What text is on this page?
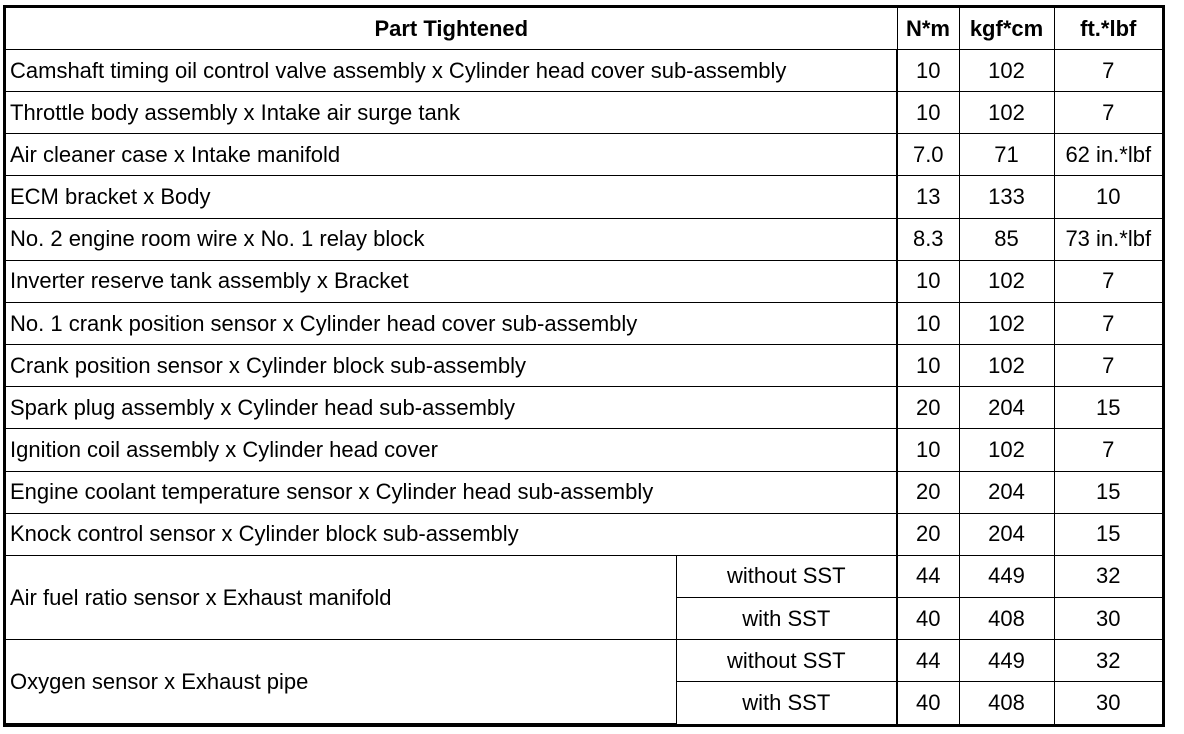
Part Tightened		N*m	kgf*cm	ft.*lbf
Camshaft timing oil control valve assembly x Cylinder head cover sub-assembly		10	102	7
Throttle body assembly x Intake air surge tank		10	102	7
Air cleaner case x Intake manifold		7.0	71	62 in.*lbf
ECM bracket x Body		13	133	10
No. 2 engine room wire x No. 1 relay block		8.3	85	73 in.*lbf
Inverter reserve tank assembly x Bracket		10	102	7
No. 1 crank position sensor x Cylinder head cover sub-assembly		10	102	7
Crank position sensor x Cylinder block sub-assembly		10	102	7
Spark plug assembly x Cylinder head sub-assembly		20	204	15
Ignition coil assembly x Cylinder head cover		10	102	7
Engine coolant temperature sensor x Cylinder head sub-assembly		20	204	15
Knock control sensor x Cylinder block sub-assembly		20	204	15
Air fuel ratio sensor x Exhaust manifold	without SST	44	449	32
	with SST	40	408	30
Oxygen sensor x Exhaust pipe	without SST	44	449	32
	with SST	40	408	30
